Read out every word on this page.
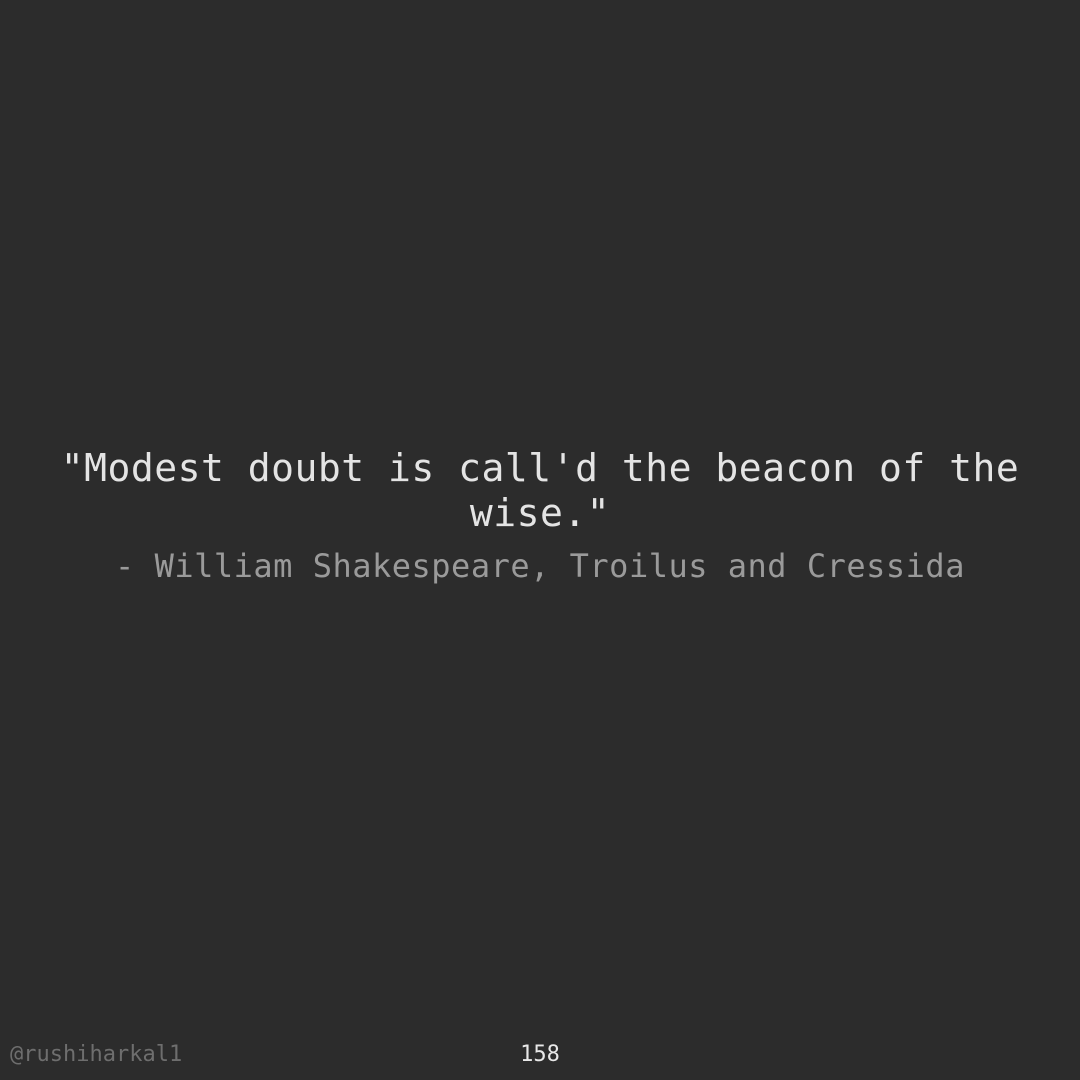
"Modest doubt is call'd the beacon of the wise."
- William Shakespeare, Troilus and Cressida
@rushiharkal1	158
